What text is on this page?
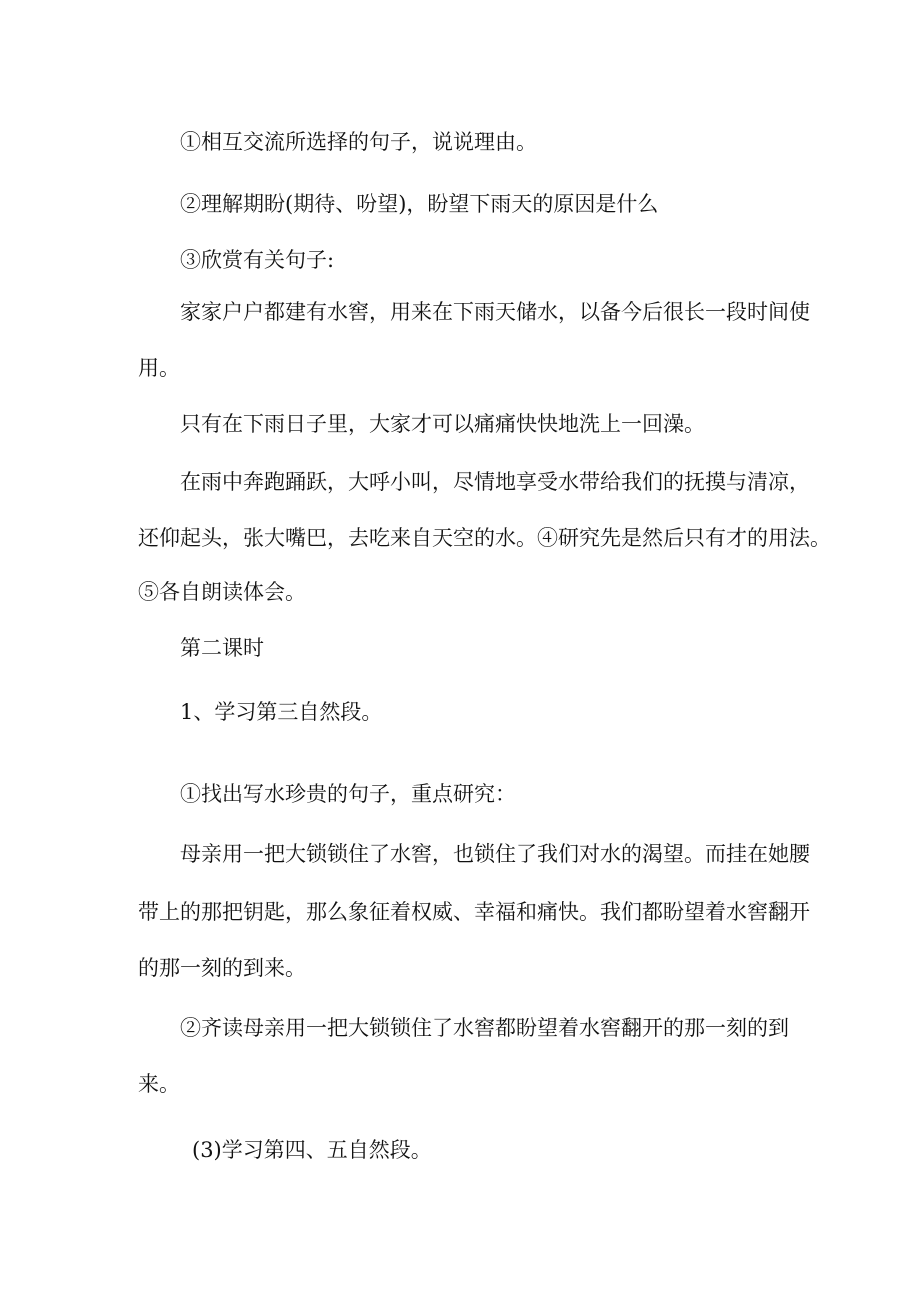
①相互交流所选择的句子，说说理由。
②理解期盼(期待、吩望)，盼望下雨天的原因是什么
③欣赏有关句子:
家家户户都建有水窖，用来在下雨天储水，以备今后很长一段时间使
用。
只有在下雨日子里，大家才可以痛痛快快地洗上一回澡。
在雨中奔跑踊跃，大呼小叫，尽情地享受水带给我们的抚摸与清凉，
还仰起头，张大嘴巴，去吃来自天空的水。④研究先是然后只有才的用法。
⑤各自朗读体会。
第二课时
1、学习第三自然段。
①找出写水珍贵的句子，重点研究：
母亲用一把大锁锁住了水窖，也锁住了我们对水的渴望。而挂在她腰
带上的那把钥匙，那么象征着权威、幸福和痛快。我们都盼望着水窖翻开
的那一刻的到来。
②齐读母亲用一把大锁锁住了水窖都盼望着水窖翻开的那一刻的到
来。
(3)学习第四、五自然段。
